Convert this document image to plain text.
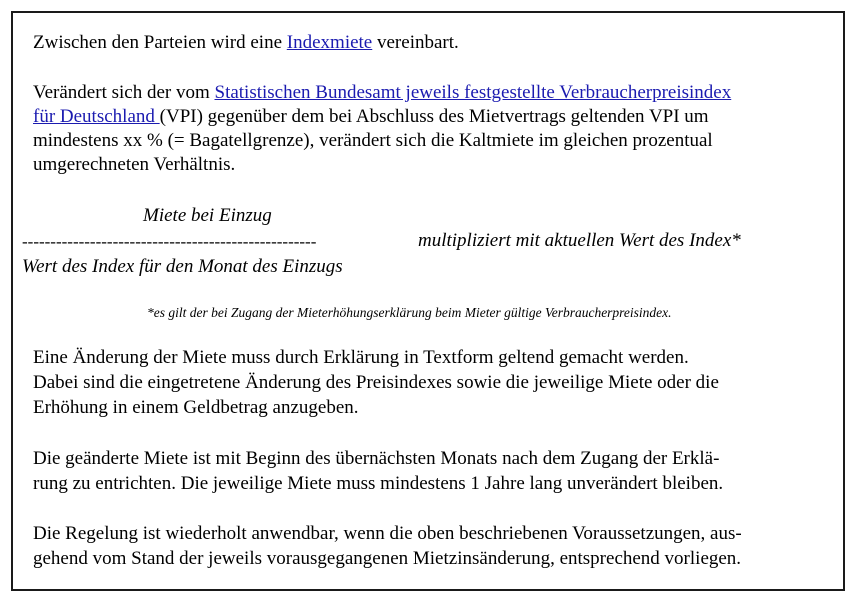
Zwischen den Parteien wird eine Indexmiete vereinbart.
Verändert sich der vom Statistischen Bundesamt jeweils festgestellte Verbraucherpreisindex
für Deutschland (VPI) gegenüber dem bei Abschluss des Mietvertrags geltenden VPI um
mindestens xx % (= Bagatellgrenze), verändert sich die Kaltmiete im gleichen prozentual
umgerechneten Verhältnis.
Miete bei Einzug
----------------------------------------------------	multipliziert mit aktuellen Wert des Index*
Wert des Index für den Monat des Einzugs
*es gilt der bei Zugang der Mieterhöhungserklärung beim Mieter gültige Verbraucherpreisindex.
Eine Änderung der Miete muss durch Erklärung in Textform geltend gemacht werden.
Dabei sind die eingetretene Änderung des Preisindexes sowie die jeweilige Miete oder die
Erhöhung in einem Geldbetrag anzugeben.
Die geänderte Miete ist mit Beginn des übernächsten Monats nach dem Zugang der Erklä-
rung zu entrichten. Die jeweilige Miete muss mindestens 1 Jahre lang unverändert bleiben.
Die Regelung ist wiederholt anwendbar, wenn die oben beschriebenen Voraussetzungen, aus-
gehend vom Stand der jeweils vorausgegangenen Mietzinsänderung, entsprechend vorliegen.
